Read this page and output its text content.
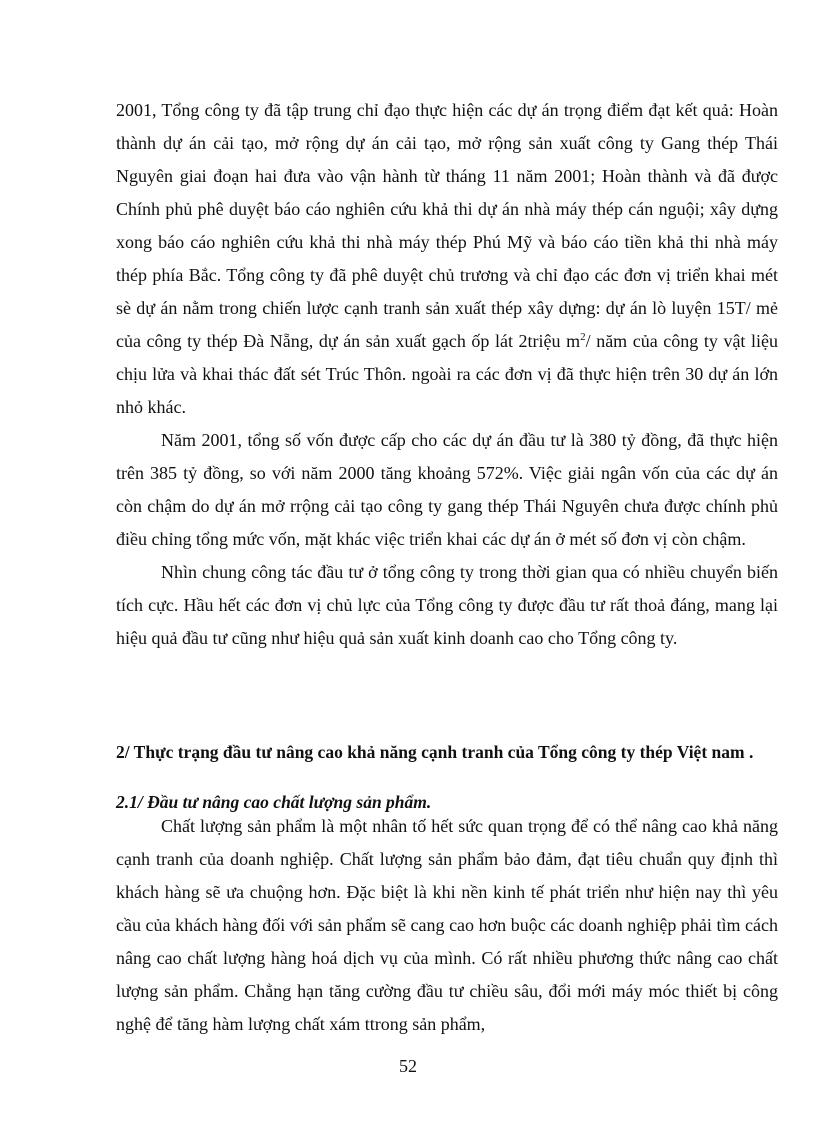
2001, Tổng công ty đã tập trung chỉ đạo thực hiện các dự án trọng điểm đạt kết quả: Hoàn thành dự án cải tạo, mở rộng dự án cải tạo, mở rộng sản xuất công ty Gang thép Thái Nguyên giai đoạn hai đưa vào vận hành từ tháng 11 năm 2001; Hoàn thành và đã được Chính phủ phê duyệt báo cáo nghiên cứu khả thi dự án nhà máy thép cán nguội; xây dựng xong báo cáo nghiên cứu khả thi nhà máy thép Phú Mỹ và báo cáo tiền khả thi nhà máy thép phía Bắc. Tổng công ty đã phê duyệt chủ trương và chỉ đạo các đơn vị triển khai mét sè dự án nằm trong chiến lược cạnh tranh sản xuất thép xây dựng: dự án lò luyện 15T/ mẻ của công ty thép Đà Nẵng, dự án sản xuất gạch ốp lát 2triệu $m^2/$ năm của công ty vật liệu chịu lửa và khai thác đất sét Trúc Thôn. ngoài ra các đơn vị đã thực hiện trên 30 dự án lớn nhỏ khác.

Năm 2001, tổng số vốn được cấp cho các dự án đầu tư là 380 tỷ đồng, đã thực hiện trên 385 tỷ đồng, so với năm 2000 tăng khoảng 572%. Việc giải ngân vốn của các dự án còn chậm do dự án mở rrộng cải tạo công ty gang thép Thái Nguyên chưa được chính phủ điều chỉng tổng mức vốn, mặt khác việc triển khai các dự án ở mét số đơn vị còn chậm.

Nhìn chung công tác đầu tư ở tổng công ty trong thời gian qua có nhiều chuyển biến tích cực. Hầu hết các đơn vị chủ lực của Tổng công ty được đầu tư rất thoả đáng, mang lại hiệu quả đầu tư cũng như hiệu quả sản xuất kinh doanh cao cho Tổng công ty.

2/ Thực trạng đầu tư nâng cao khả năng cạnh tranh của Tổng công ty thép Việt nam .
2.1/ Đầu tư nâng cao chất lượng sản phẩm.

Chất lượng sản phẩm là một nhân tố hết sức quan trọng để có thể nâng cao khả năng cạnh tranh của doanh nghiệp. Chất lượng sản phẩm bảo đảm, đạt tiêu chuẩn quy định thì khách hàng sẽ ưa chuộng hơn. Đặc biệt là khi nền kinh tế phát triển như hiện nay thì yêu cầu của khách hàng đối với sản phẩm sẽ cang cao hơn buộc các doanh nghiệp phải tìm cách nâng cao chất lượng hàng hoá dịch vụ của mình. Có rất nhiều phương thức nâng cao chất lượng sản phẩm. Chẳng hạn tăng cường đầu tư chiều sâu, đổi mới máy móc thiết bị công nghệ để tăng hàm lượng chất xám ttrong sản phẩm,

52
